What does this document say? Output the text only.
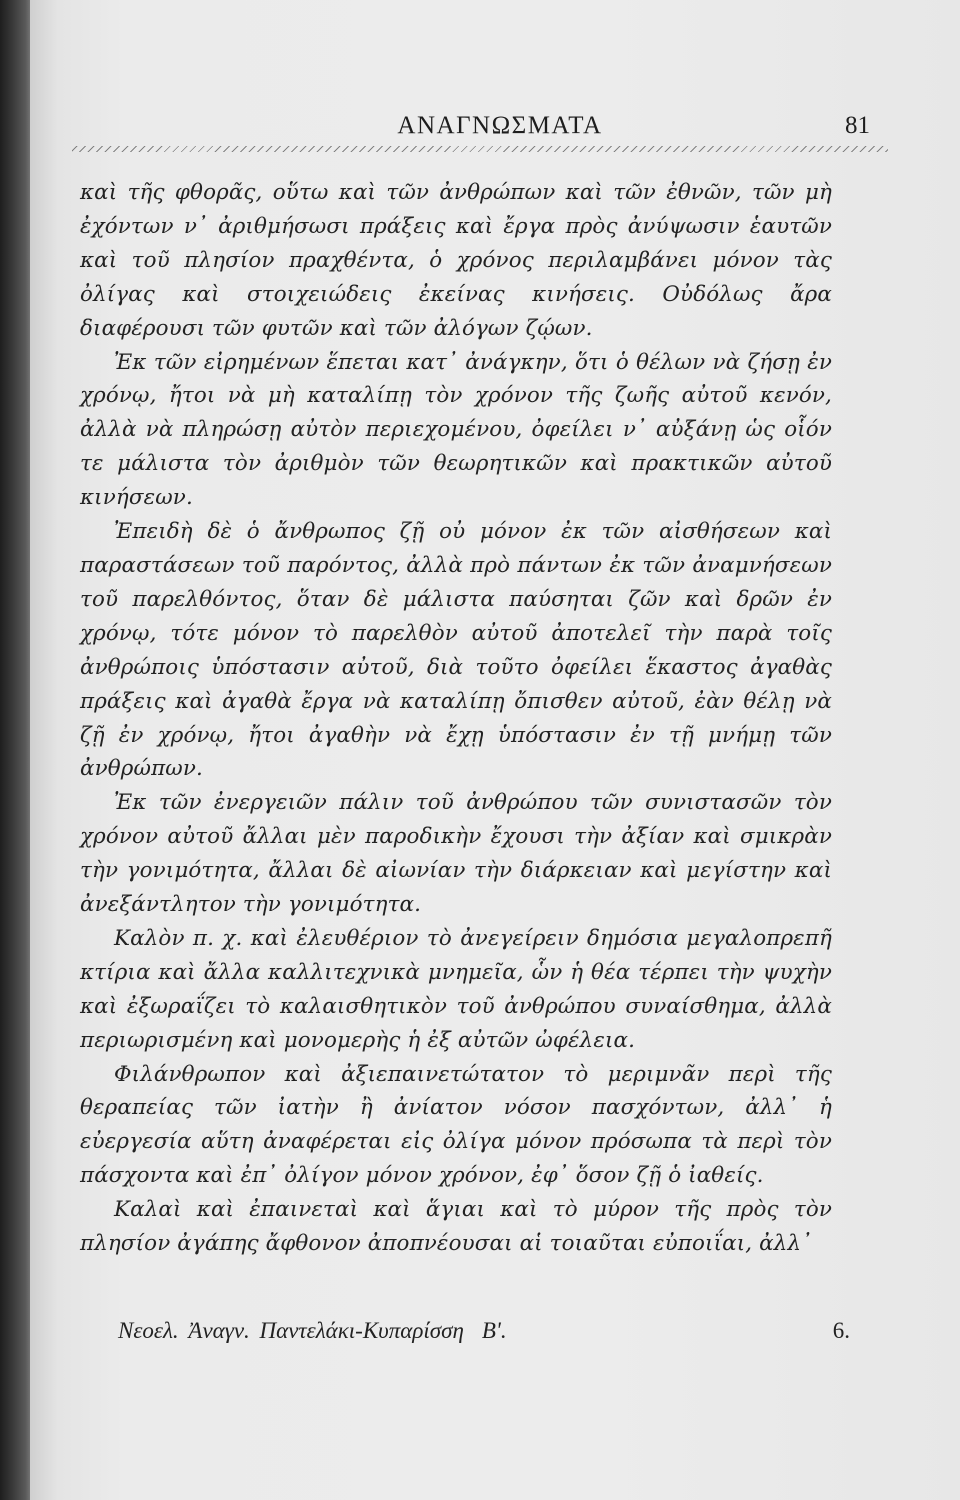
ΑΝΑΓΝΩΣΜΑΤΑ	81

καὶ τῆς φθορᾶς, οὕτω καὶ τῶν ἀνθρώπων καὶ τῶν ἐθνῶν, τῶν μὴ ἐχόντων ν᾽ ἀριθμήσωσι πράξεις καὶ ἔργα πρὸς ἀνύψωσιν ἑαυτῶν καὶ τοῦ πλησίον πραχθέντα, ὁ χρόνος περιλαμβάνει μόνον τὰς ὀλίγας καὶ στοιχειώδεις ἐκείνας κινήσεις. Οὐδόλως ἄρα διαφέρουσι τῶν φυτῶν καὶ τῶν ἀλόγων ζῴων.

Ἐκ τῶν εἰρημένων ἕπεται κατ᾽ ἀνάγκην, ὅτι ὁ θέλων νὰ ζήσῃ ἐν χρόνῳ, ἤτοι νὰ μὴ καταλίπῃ τὸν χρόνον τῆς ζωῆς αὐτοῦ κενόν, ἀλλὰ νὰ πληρώσῃ αὐτὸν περιεχομένου, ὀφείλει ν᾽ αὐξάνῃ ὡς οἷόν τε μάλιστα τὸν ἀριθμὸν τῶν θεωρητικῶν καὶ πρακτικῶν αὐτοῦ κινήσεων.

Ἐπειδὴ δὲ ὁ ἄνθρωπος ζῇ οὐ μόνον ἐκ τῶν αἰσθήσεων καὶ παραστάσεων τοῦ παρόντος, ἀλλὰ πρὸ πάντων ἐκ τῶν ἀναμνήσεων τοῦ παρελθόντος, ὅταν δὲ μάλιστα παύσηται ζῶν καὶ δρῶν ἐν χρόνῳ, τότε μόνον τὸ παρελθὸν αὐτοῦ ἀποτελεῖ τὴν παρὰ τοῖς ἀνθρώποις ὑπόστασιν αὐτοῦ, διὰ τοῦτο ὀφείλει ἕκαστος ἀγαθὰς πράξεις καὶ ἀγαθὰ ἔργα νὰ καταλίπῃ ὄπισθεν αὐτοῦ, ἐὰν θέλῃ νὰ ζῇ ἐν χρόνῳ, ἤτοι ἀγαθὴν νὰ ἔχῃ ὑπόστασιν ἐν τῇ μνήμῃ τῶν ἀνθρώπων.

Ἐκ τῶν ἐνεργειῶν πάλιν τοῦ ἀνθρώπου τῶν συνιστασῶν τὸν χρόνον αὐτοῦ ἄλλαι μὲν παροδικὴν ἔχουσι τὴν ἀξίαν καὶ σμικρὰν τὴν γονιμότητα, ἄλλαι δὲ αἰωνίαν τὴν διάρκειαν καὶ μεγίστην καὶ ἀνεξάντλητον τὴν γονιμότητα.

Καλὸν π. χ. καὶ ἐλευθέριον τὸ ἀνεγείρειν δημόσια μεγαλοπρεπῆ κτίρια καὶ ἄλλα καλλιτεχνικὰ μνημεῖα, ὧν ἡ θέα τέρπει τὴν ψυχὴν καὶ ἐξωραΐζει τὸ καλαισθητικὸν τοῦ ἀνθρώπου συναίσθημα, ἀλλὰ περιωρισμένη καὶ μονομερὴς ἡ ἐξ αὐτῶν ὠφέλεια.

Φιλάνθρωπον καὶ ἀξιεπαινετώτατον τὸ μεριμνᾶν περὶ τῆς θεραπείας τῶν ἰατὴν ἢ ἀνίατον νόσον πασχόντων, ἀλλ᾽ ἡ εὐεργεσία αὕτη ἀναφέρεται εἰς ὀλίγα μόνον πρόσωπα τὰ περὶ τὸν πάσχοντα καὶ ἐπ᾽ ὀλίγον μόνον χρόνον, ἐφ᾽ ὅσον ζῇ ὁ ἰαθείς.

Καλαὶ καὶ ἐπαινεταὶ καὶ ἅγιαι καὶ τὸ μύρον τῆς πρὸς τὸν πλησίον ἀγάπης ἄφθονον ἀποπνέουσαι αἱ τοιαῦται εὐποιΐαι, ἀλλ᾽

Νεοελ. Ἀναγν. Παντελάκι-Κυπαρίσση Β'.	6.
